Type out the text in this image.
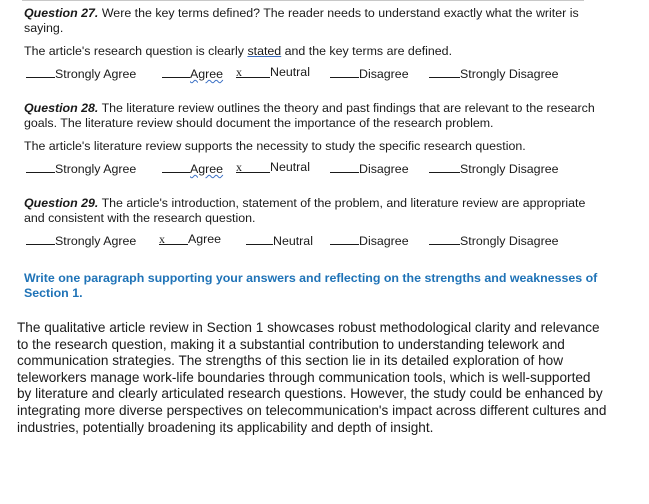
Question 27. Were the key terms defined? The reader needs to understand exactly what the writer is saying.

The article's research question is clearly stated and the key terms are defined.

Strongly Agree	Agree x Neutral	Disagree	Strongly Disagree

Question 28. The literature review outlines the theory and past findings that are relevant to the research goals. The literature review should document the importance of the research problem.

The article's literature review supports the necessity to study the specific research question.

Strongly Agree	Agree x Neutral	Disagree	Strongly Disagree

Question 29. The article's introduction, statement of the problem, and literature review are appropriate and consistent with the research question.

Strongly Agree x Agree	Neutral	Disagree	Strongly Disagree

Write one paragraph supporting your answers and reflecting on the strengths and weaknesses of Section 1.

The qualitative article review in Section 1 showcases robust methodological clarity and relevance to the research question, making it a substantial contribution to understanding telework and communication strategies. The strengths of this section lie in its detailed exploration of how teleworkers manage work-life boundaries through communication tools, which is well-supported by literature and clearly articulated research questions. However, the study could be enhanced by integrating more diverse perspectives on telecommunication's impact across different cultures and industries, potentially broadening its applicability and depth of insight.
